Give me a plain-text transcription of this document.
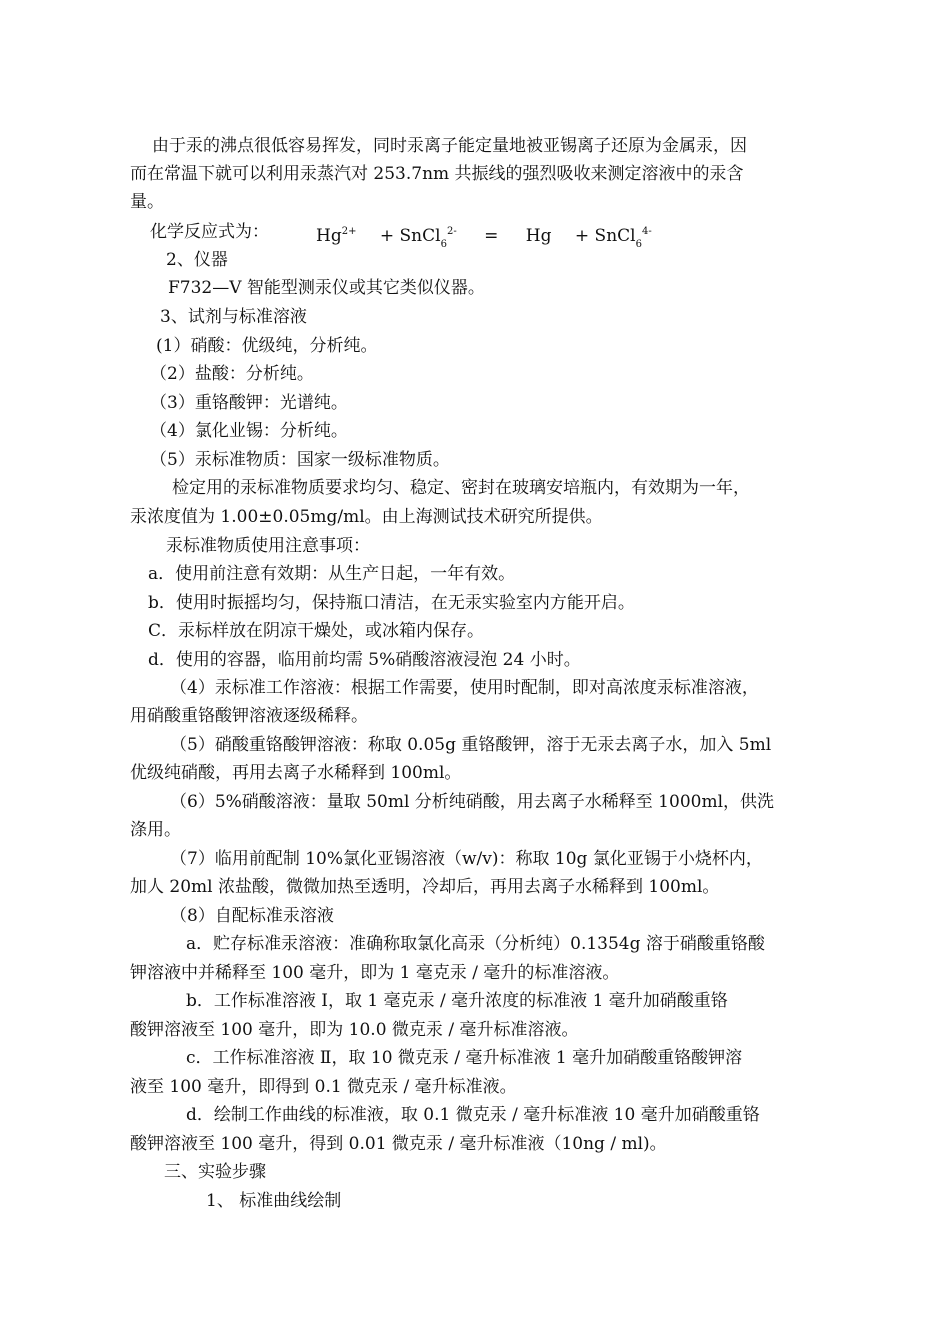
由于汞的沸点很低容易挥发，同时汞离子能定量地被亚锡离子还原为金属汞，因
而在常温下就可以利用汞蒸汽对 253.7nm 共振线的强烈吸收来测定溶液中的汞含
量。
化学反应式为：	$Hg^{2+}$ + SnCl$_6^{2-}$ = Hg + SnCl$_6^{4-}$
2、仪器
F732—V 智能型测汞仪或其它类似仪器。
3、试剂与标准溶液
(1）硝酸：优级纯，分析纯。
（2）盐酸：分析纯。
（3）重铬酸钾：光谱纯。
（4）氯化业锡：分析纯。
（5）汞标准物质：国家一级标准物质。
检定用的汞标准物质要求均匀、稳定、密封在玻璃安培瓶内，有效期为一年，
汞浓度值为 1.00±0.05mg/ml。由上海测试技术研究所提供。
汞标准物质使用注意事项：
a．使用前注意有效期：从生产日起，一年有效。
b．使用时振摇均匀，保持瓶口清洁，在无汞实验室内方能开启。
C．汞标样放在阴凉干燥处，或冰箱内保存。
d．使用的容器，临用前均需 5%硝酸溶液浸泡 24 小时。
（4）汞标准工作溶液：根据工作需要，使用时配制，即对高浓度汞标准溶液，
用硝酸重铬酸钾溶液逐级稀释。
（5）硝酸重铬酸钾溶液：称取 0.05g 重铬酸钾，溶于无汞去离子水，加入 5ml
优级纯硝酸，再用去离子水稀释到 100ml。
（6）5%硝酸溶液：量取 50ml 分析纯硝酸，用去离子水稀释至 1000ml，供洗
涤用。
（7）临用前配制 10%氯化亚锡溶液（w/v)：称取 10g 氯化亚锡于小烧杯内，
加人 20ml 浓盐酸，微微加热至透明，冷却后，再用去离子水稀释到 100ml。
（8）自配标准汞溶液
a．贮存标准汞溶液：准确称取氯化高汞（分析纯）0.1354g 溶于硝酸重铬酸
钾溶液中并稀释至 100 毫升，即为 1 毫克汞 / 毫升的标准溶液。
b．工作标准溶液 Ⅰ，取 1 毫克汞 / 毫升浓度的标准液 1 毫升加硝酸重铬
酸钾溶液至 100 毫升，即为 10.0 微克汞 / 毫升标准溶液。
c．工作标准溶液 Ⅱ，取 10 微克汞 / 毫升标准液 1 毫升加硝酸重铬酸钾溶
液至 100 毫升，即得到 0.1 微克汞 / 毫升标准液。
d．绘制工作曲线的标准液，取 0.1 微克汞 / 毫升标准液 10 毫升加硝酸重铬
酸钾溶液至 100 毫升，得到 0.01 微克汞 / 毫升标准液（10ng / ml)。
三、实验步骤
1、 标准曲线绘制
